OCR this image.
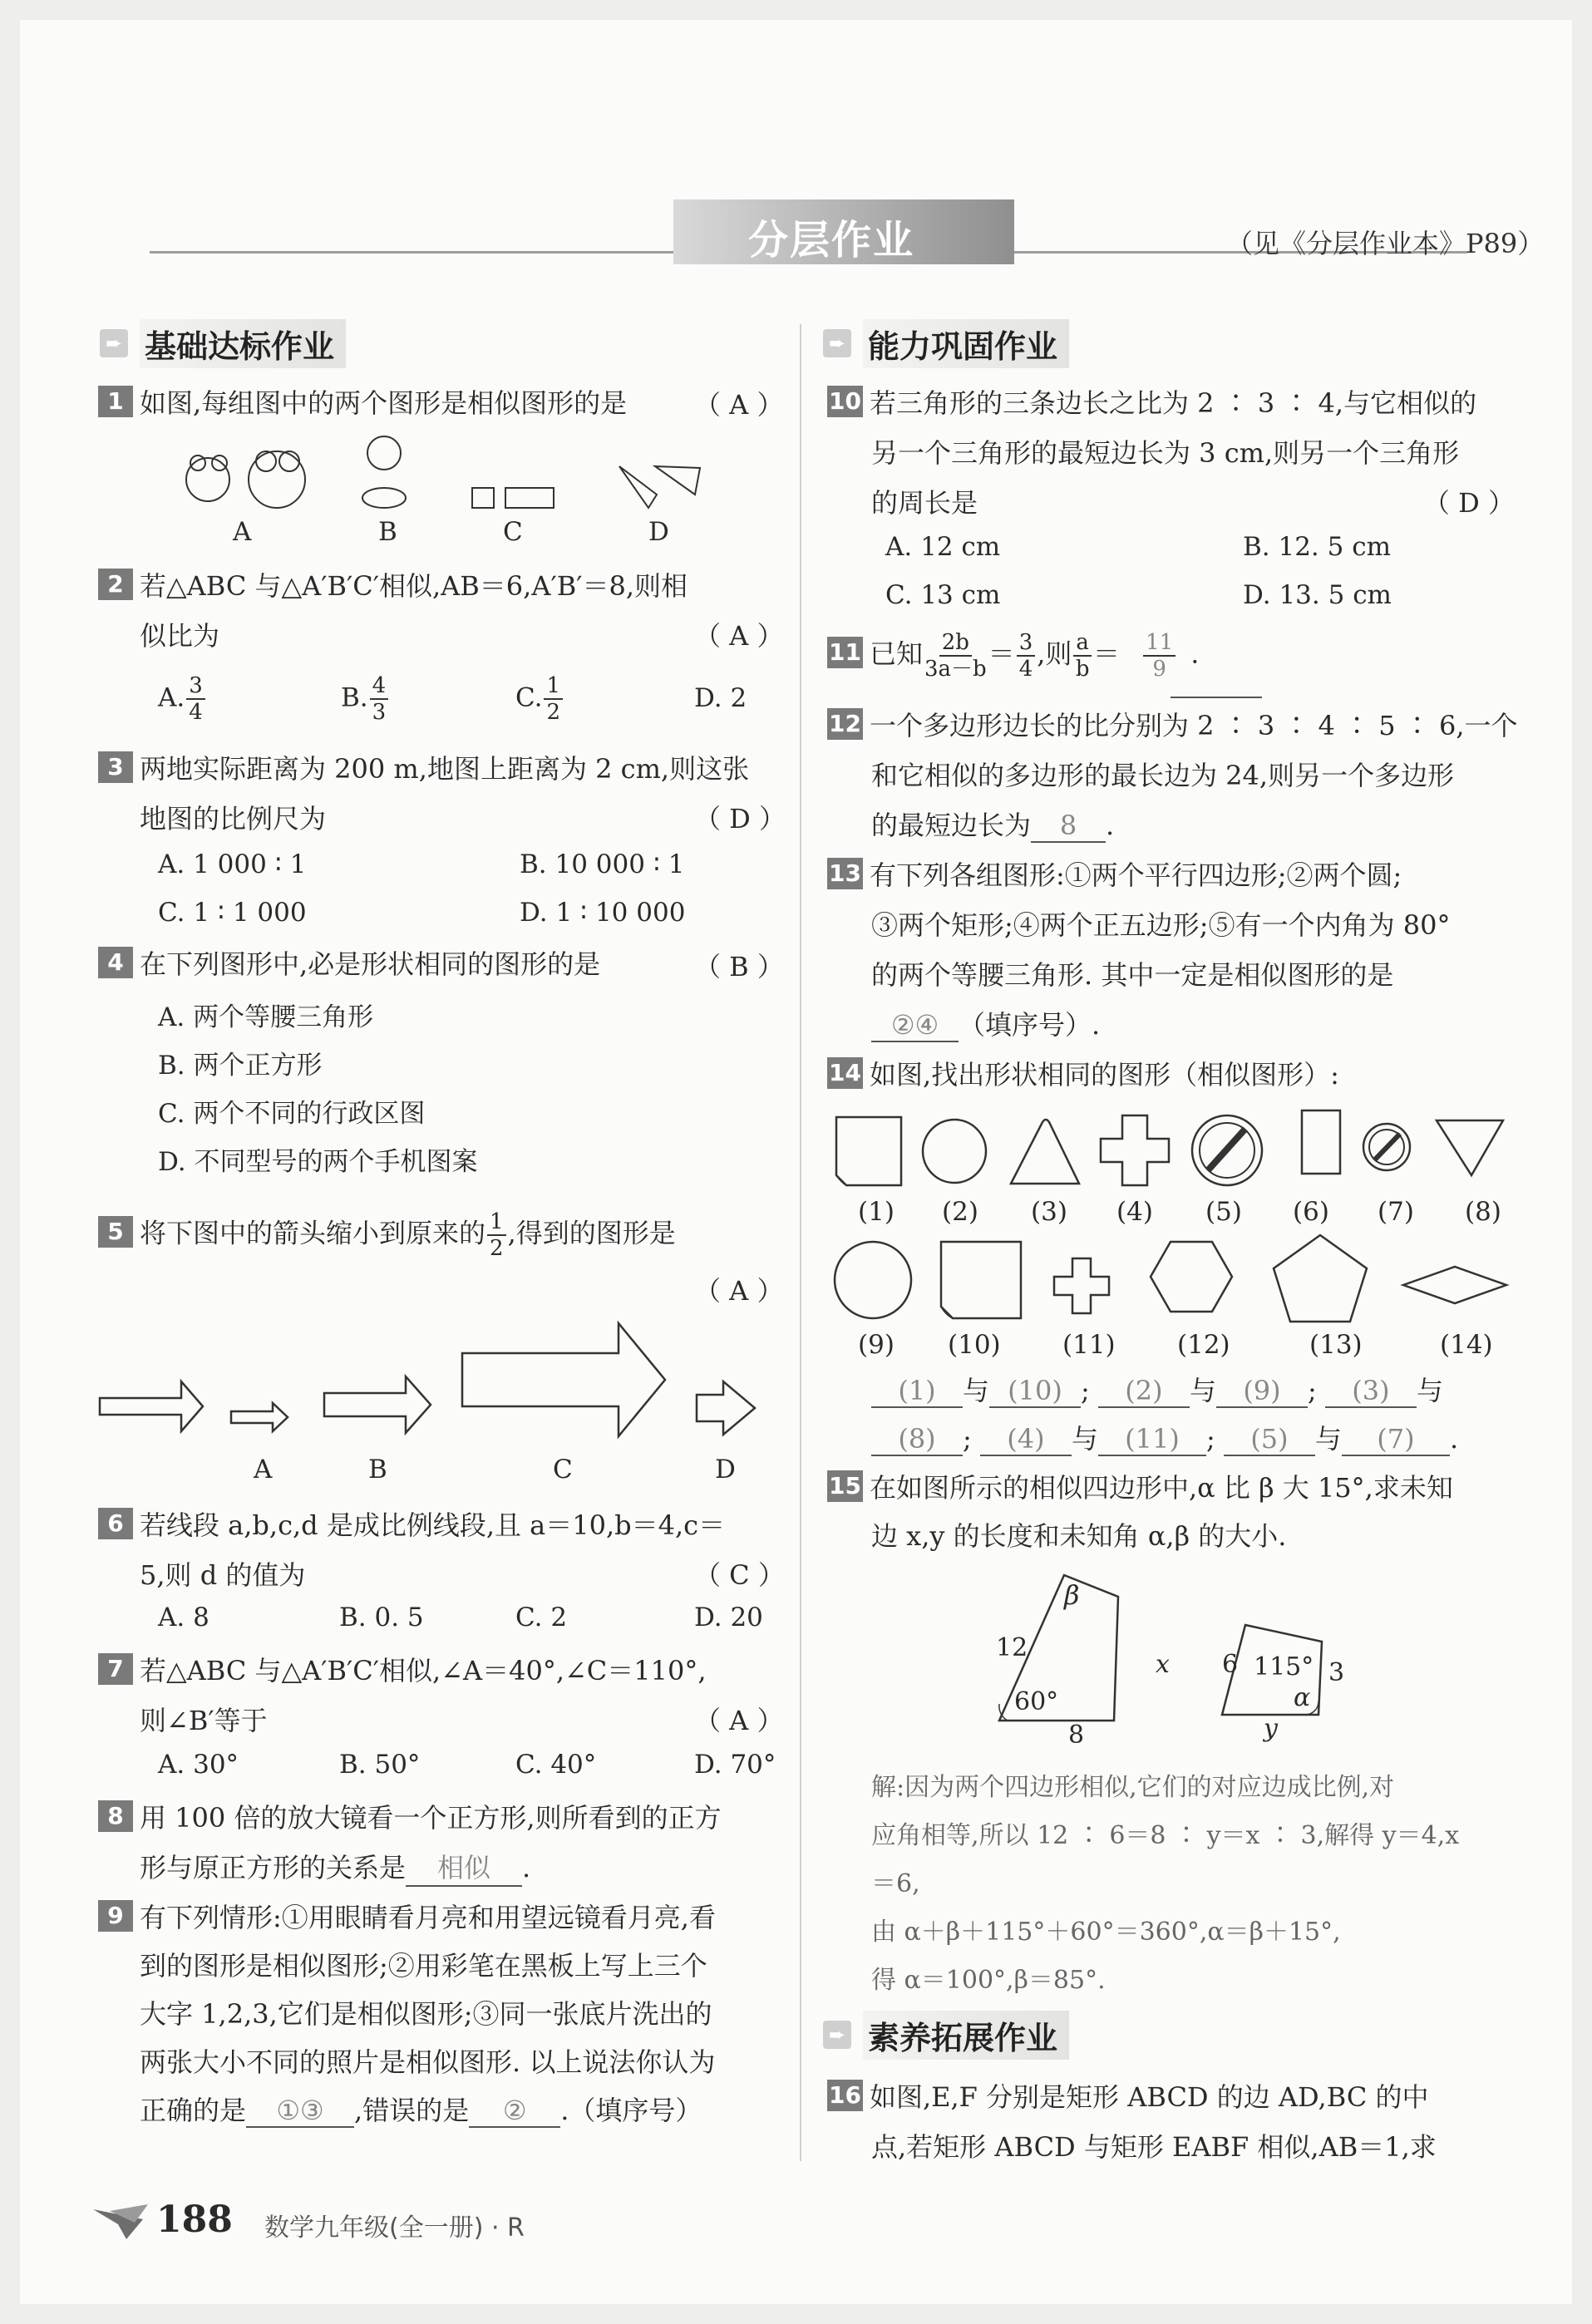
分层作业	（见《分层作业本》P89）
➨ 基础达标作业	➨ 能力巩固作业
➨ 素养拓展作业
1 如图,每组图中的两个图形是相似图形的是	（ A ）
A	B	C	D
2 若△ABC 与△A′B′C′相似,AB＝6,A′B′＝8,则相
似比为	（ A ）
A. $\frac{3}{4}$	B. $\frac{4}{3}$	C. $\frac{1}{2}$	D. 2
3 两地实际距离为 200 m,地图上距离为 2 cm,则这张
地图的比例尺为	（ D ）
A. 1 000 ∶ 1	B. 10 000 ∶ 1
C. 1 ∶ 1 000	D. 1 ∶ 10 000
4 在下列图形中,必是形状相同的图形的是	（ B ）
A. 两个等腰三角形
B. 两个正方形
C. 两个不同的行政区图
D. 不同型号的两个手机图案
5 将下图中的箭头缩小到原来的 $\frac{1}{2}$ ,得到的图形是
（ A ）
A	B	C	D
6 若线段 a,b,c,d 是成比例线段,且 a＝10,b＝4,c＝
5,则 d 的值为	（ C ）
A. 8	B. 0. 5	C. 2	D. 20
7 若△ABC 与△A′B′C′相似,∠A＝40°,∠C＝110°,
则∠B′等于	（ A ）
A. 30°	B. 50°	C. 40°	D. 70°
8 用 100 倍的放大镜看一个正方形,则所看到的正方
形与原正方形的关系是 相似 .
9 有下列情形:①用眼睛看月亮和用望远镜看月亮,看
到的图形是相似图形;②用彩笔在黑板上写上三个
大字 1,2,3,它们是相似图形;③同一张底片洗出的
两张大小不同的照片是相似图形. 以上说法你认为
正确的是 ①③ ,错误的是 ② .（填序号）
10 若三角形的三条边长之比为 2 ∶ 3 ∶ 4,与它相似的
另一个三角形的最短边长为 3 cm,则另一个三角形
的周长是	（ D ）
A. 12 cm	B. 12. 5 cm
C. 13 cm	D. 13. 5 cm
11 已知 $\frac{2b}{3a-b} = \frac{3}{4}$ ,则 $\frac{a}{b} = \frac{11}{9}$ .
12 一个多边形边长的比分别为 2 ∶ 3 ∶ 4 ∶ 5 ∶ 6,一个
和它相似的多边形的最长边为 24,则另一个多边形
的最短边长为 8 .
13 有下列各组图形:①两个平行四边形;②两个圆;
③两个矩形;④两个正五边形;⑤有一个内角为 80°
的两个等腰三角形. 其中一定是相似图形的是
②④ （填序号）.
14 如图,找出形状相同的图形（相似图形）:
(1) (2) (3) (4) (5) (6) (7) (8)
(9) (10) (11) (12)	(13)	(14)
(1) 与 (10) ; (2) 与 (9) ; (3) 与
(8) ; (4) 与 (11) ; (5) 与 (7) .
15 在如图所示的相似四边形中,α 比 β 大 15°,求未知
边 x,y 的长度和未知角 α,β 的大小.
β
12
60°
8
x 6 115° 3
α
y
解:因为两个四边形相似,它们的对应边成比例,对
应角相等,所以 12 ∶ 6＝8 ∶ y＝x ∶ 3,解得 y＝4,x
＝6,
由 α＋β＋115°＋60°＝360°,α＝β＋15°,
得 α＝100°,β＝85°.
16 如图,E,F 分别是矩形 ABCD 的边 AD,BC 的中
点,若矩形 ABCD 与矩形 EABF 相似,AB＝1,求
188 数学九年级(全一册) · R
